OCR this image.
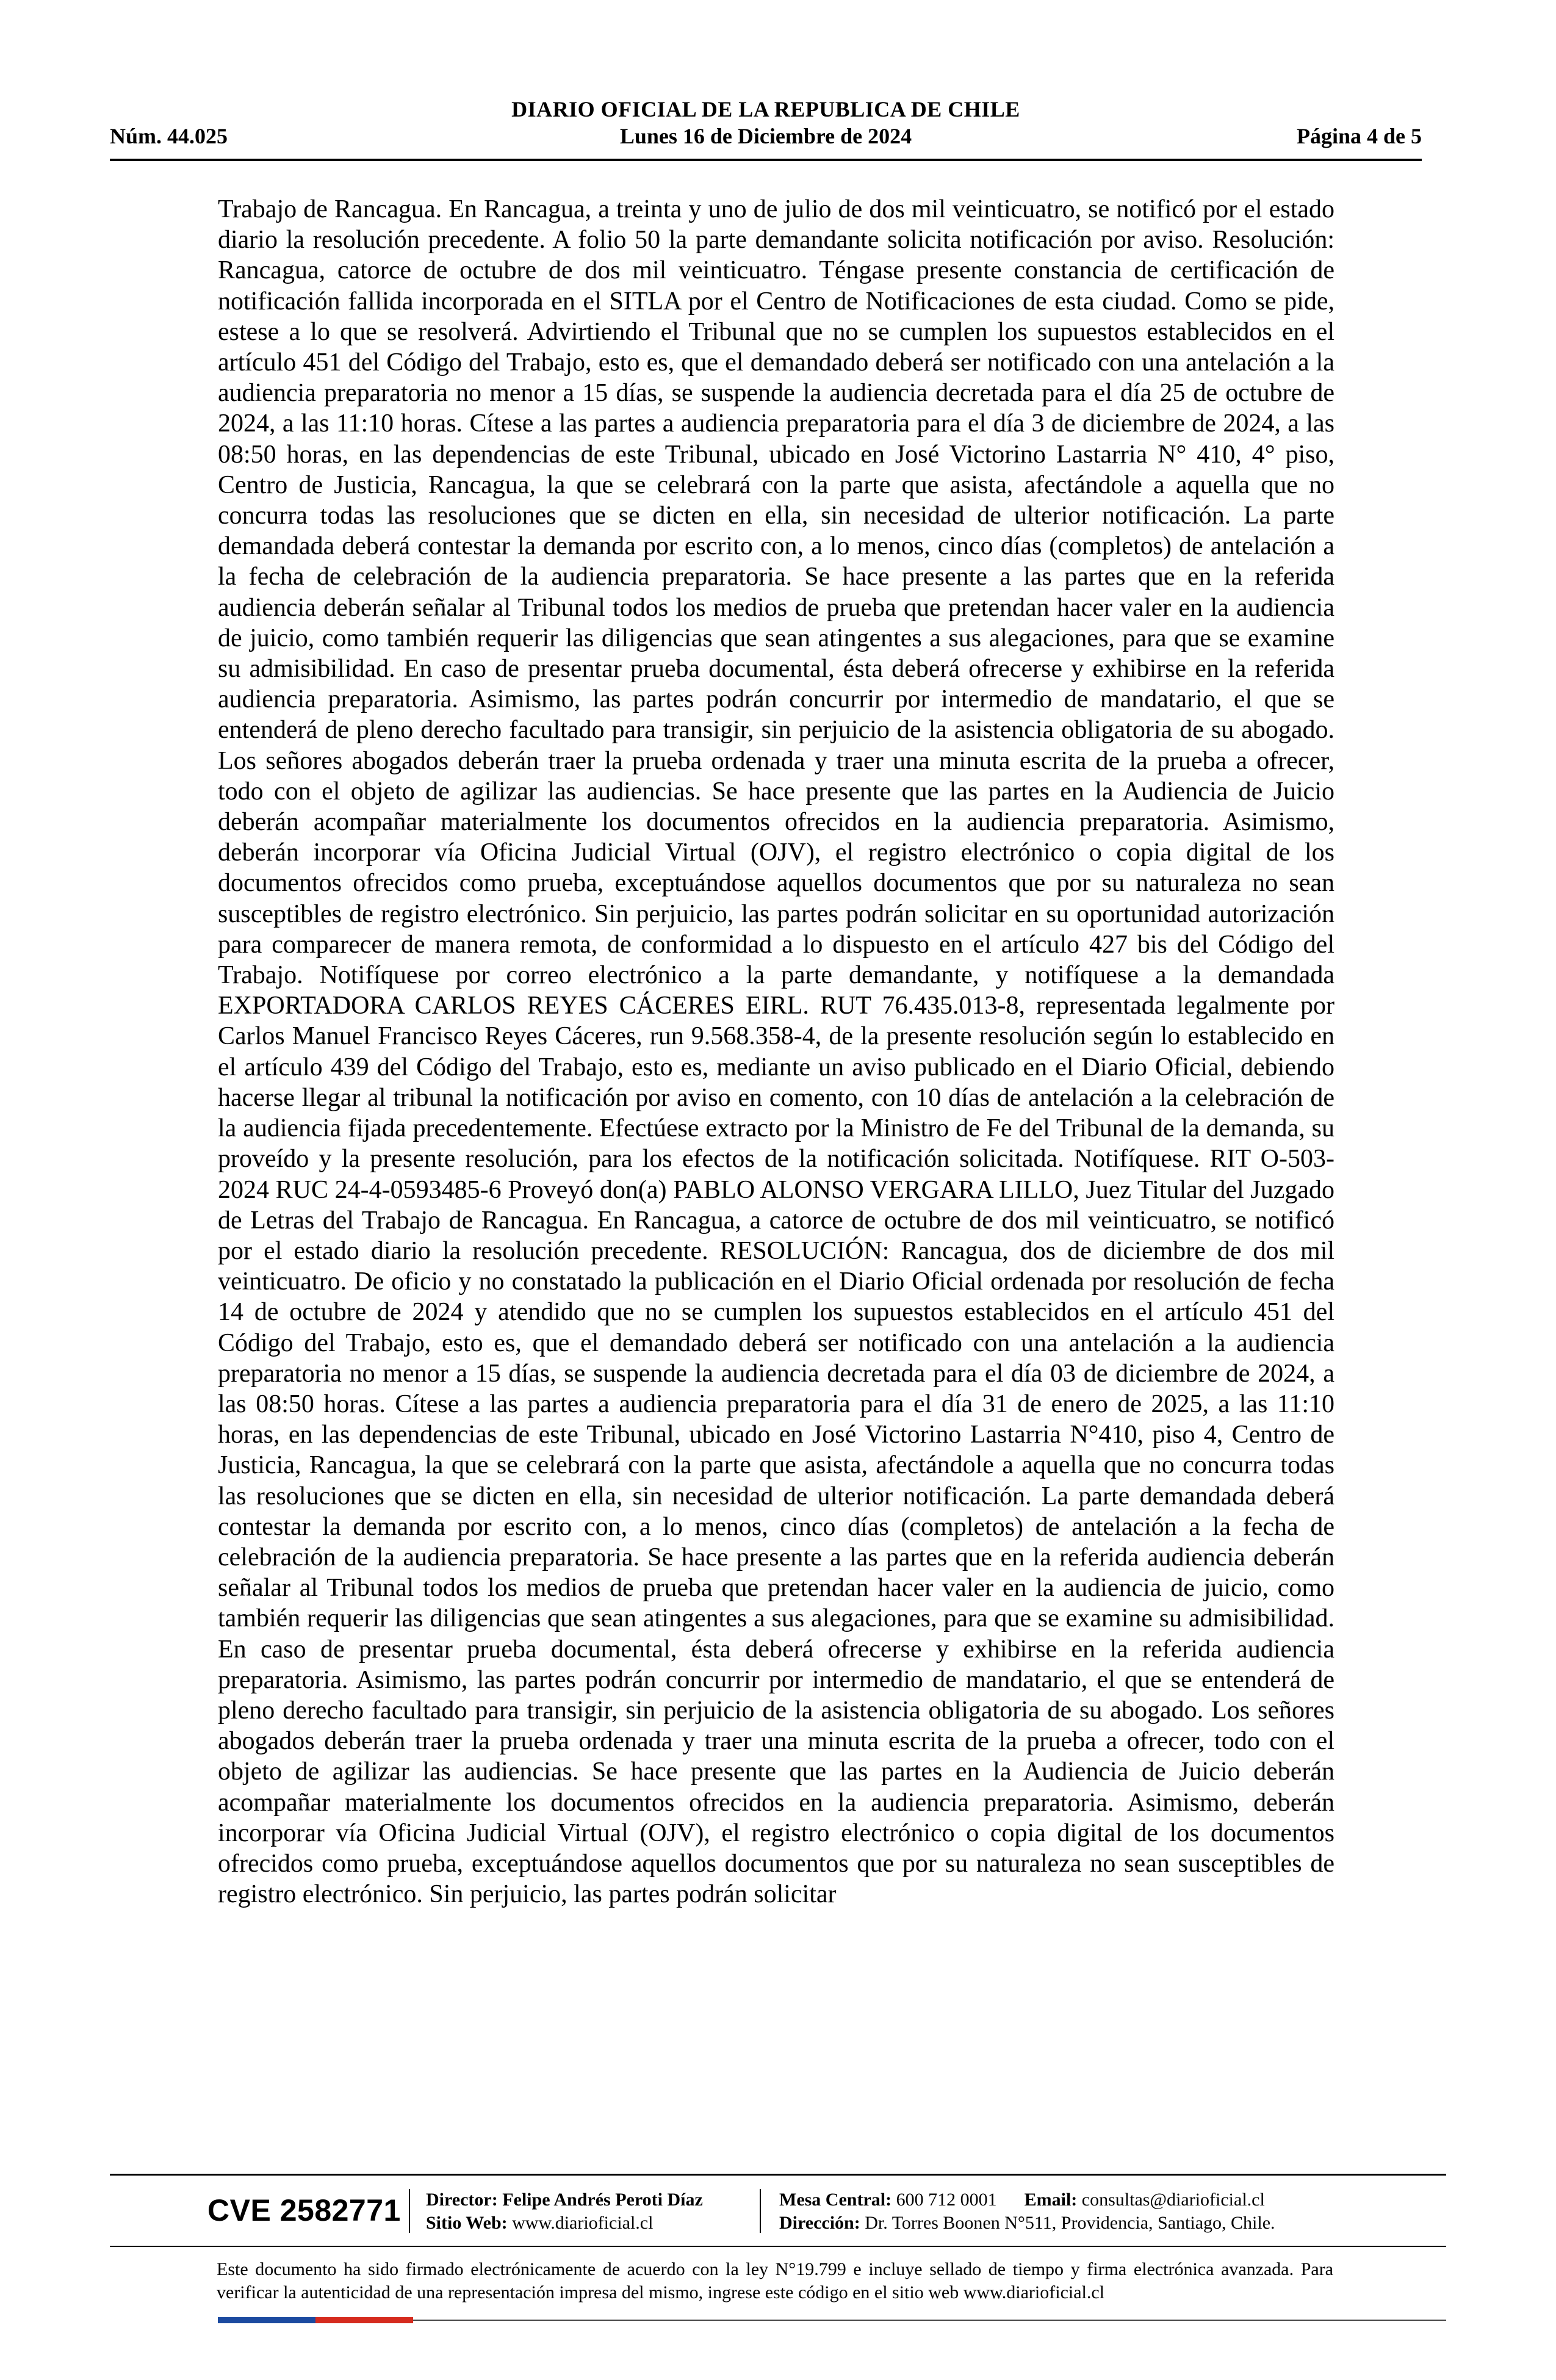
DIARIO OFICIAL DE LA REPUBLICA DE CHILE
Núm. 44.025	Lunes 16 de Diciembre de 2024	Página 4 de 5
Trabajo de Rancagua. En Rancagua, a treinta y uno de julio de dos mil veinticuatro, se notificó por el estado diario la resolución precedente. A folio 50 la parte demandante solicita notificación por aviso. Resolución: Rancagua, catorce de octubre de dos mil veinticuatro. Téngase presente constancia de certificación de notificación fallida incorporada en el SITLA por el Centro de Notificaciones de esta ciudad. Como se pide, estese a lo que se resolverá. Advirtiendo el Tribunal que no se cumplen los supuestos establecidos en el artículo 451 del Código del Trabajo, esto es, que el demandado deberá ser notificado con una antelación a la audiencia preparatoria no menor a 15 días, se suspende la audiencia decretada para el día 25 de octubre de 2024, a las 11:10 horas. Cítese a las partes a audiencia preparatoria para el día 3 de diciembre de 2024, a las 08:50 horas, en las dependencias de este Tribunal, ubicado en José Victorino Lastarria N° 410, 4° piso, Centro de Justicia, Rancagua, la que se celebrará con la parte que asista, afectándole a aquella que no concurra todas las resoluciones que se dicten en ella, sin necesidad de ulterior notificación. La parte demandada deberá contestar la demanda por escrito con, a lo menos, cinco días (completos) de antelación a la fecha de celebración de la audiencia preparatoria. Se hace presente a las partes que en la referida audiencia deberán señalar al Tribunal todos los medios de prueba que pretendan hacer valer en la audiencia de juicio, como también requerir las diligencias que sean atingentes a sus alegaciones, para que se examine su admisibilidad. En caso de presentar prueba documental, ésta deberá ofrecerse y exhibirse en la referida audiencia preparatoria. Asimismo, las partes podrán concurrir por intermedio de mandatario, el que se entenderá de pleno derecho facultado para transigir, sin perjuicio de la asistencia obligatoria de su abogado. Los señores abogados deberán traer la prueba ordenada y traer una minuta escrita de la prueba a ofrecer, todo con el objeto de agilizar las audiencias. Se hace presente que las partes en la Audiencia de Juicio deberán acompañar materialmente los documentos ofrecidos en la audiencia preparatoria. Asimismo, deberán incorporar vía Oficina Judicial Virtual (OJV), el registro electrónico o copia digital de los documentos ofrecidos como prueba, exceptuándose aquellos documentos que por su naturaleza no sean susceptibles de registro electrónico. Sin perjuicio, las partes podrán solicitar en su oportunidad autorización para comparecer de manera remota, de conformidad a lo dispuesto en el artículo 427 bis del Código del Trabajo. Notifíquese por correo electrónico a la parte demandante, y notifíquese a la demandada EXPORTADORA CARLOS REYES CÁCERES EIRL. RUT 76.435.013-8, representada legalmente por Carlos Manuel Francisco Reyes Cáceres, run 9.568.358-4, de la presente resolución según lo establecido en el artículo 439 del Código del Trabajo, esto es, mediante un aviso publicado en el Diario Oficial, debiendo hacerse llegar al tribunal la notificación por aviso en comento, con 10 días de antelación a la celebración de la audiencia fijada precedentemente. Efectúese extracto por la Ministro de Fe del Tribunal de la demanda, su proveído y la presente resolución, para los efectos de la notificación solicitada. Notifíquese. RIT O-503-2024 RUC 24-4-0593485-6 Proveyó don(a) PABLO ALONSO VERGARA LILLO, Juez Titular del Juzgado de Letras del Trabajo de Rancagua. En Rancagua, a catorce de octubre de dos mil veinticuatro, se notificó por el estado diario la resolución precedente. RESOLUCIÓN: Rancagua, dos de diciembre de dos mil veinticuatro. De oficio y no constatado la publicación en el Diario Oficial ordenada por resolución de fecha 14 de octubre de 2024 y atendido que no se cumplen los supuestos establecidos en el artículo 451 del Código del Trabajo, esto es, que el demandado deberá ser notificado con una antelación a la audiencia preparatoria no menor a 15 días, se suspende la audiencia decretada para el día 03 de diciembre de 2024, a las 08:50 horas. Cítese a las partes a audiencia preparatoria para el día 31 de enero de 2025, a las 11:10 horas, en las dependencias de este Tribunal, ubicado en José Victorino Lastarria N°410, piso 4, Centro de Justicia, Rancagua, la que se celebrará con la parte que asista, afectándole a aquella que no concurra todas las resoluciones que se dicten en ella, sin necesidad de ulterior notificación. La parte demandada deberá contestar la demanda por escrito con, a lo menos, cinco días (completos) de antelación a la fecha de celebración de la audiencia preparatoria. Se hace presente a las partes que en la referida audiencia deberán señalar al Tribunal todos los medios de prueba que pretendan hacer valer en la audiencia de juicio, como también requerir las diligencias que sean atingentes a sus alegaciones, para que se examine su admisibilidad. En caso de presentar prueba documental, ésta deberá ofrecerse y exhibirse en la referida audiencia preparatoria. Asimismo, las partes podrán concurrir por intermedio de mandatario, el que se entenderá de pleno derecho facultado para transigir, sin perjuicio de la asistencia obligatoria de su abogado. Los señores abogados deberán traer la prueba ordenada y traer una minuta escrita de la prueba a ofrecer, todo con el objeto de agilizar las audiencias. Se hace presente que las partes en la Audiencia de Juicio deberán acompañar materialmente los documentos ofrecidos en la audiencia preparatoria. Asimismo, deberán incorporar vía Oficina Judicial Virtual (OJV), el registro electrónico o copia digital de los documentos ofrecidos como prueba, exceptuándose aquellos documentos que por su naturaleza no sean susceptibles de registro electrónico. Sin perjuicio, las partes podrán solicitar
CVE 2582771 Director: Felipe Andrés Peroti Díaz
Sitio Web: www.diarioficial.cl
Mesa Central: 600 712 0001 Email: consultas@diarioficial.cl
Dirección: Dr. Torres Boonen N°511, Providencia, Santiago, Chile.
Este documento ha sido firmado electrónicamente de acuerdo con la ley N°19.799 e incluye sellado de tiempo y firma electrónica avanzada. Para verificar la autenticidad de una representación impresa del mismo, ingrese este código en el sitio web www.diarioficial.cl
